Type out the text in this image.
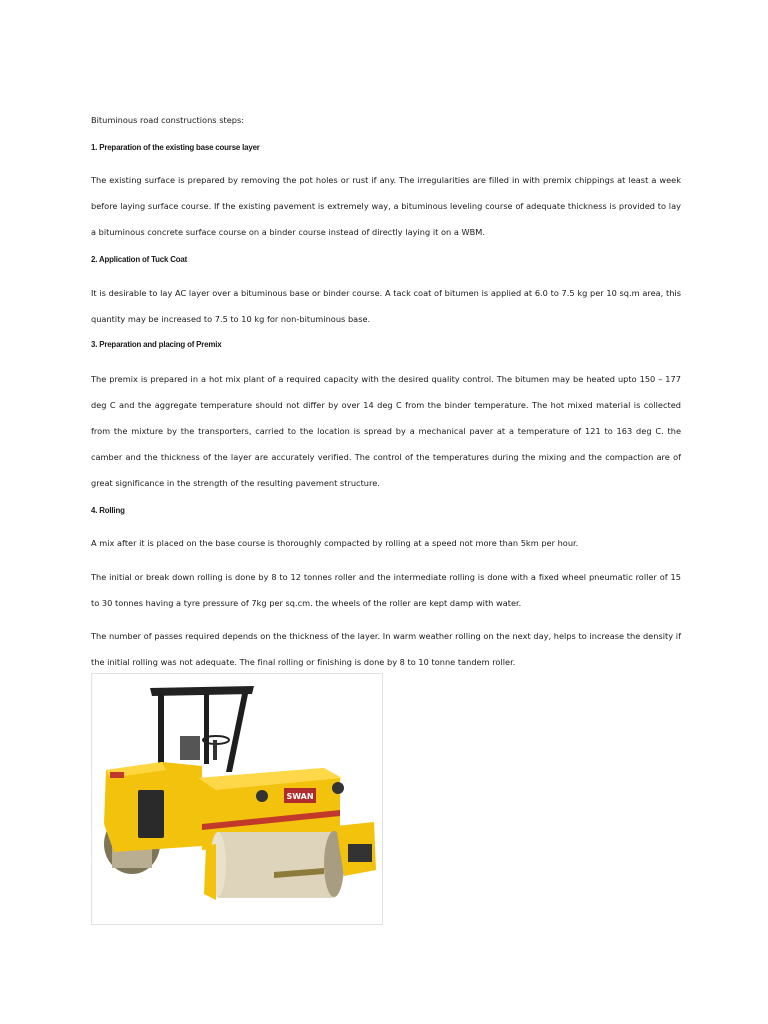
Bituminous road constructions steps:

1. Preparation of the existing base course layer

The existing surface is prepared by removing the pot holes or rust if any. The irregularities are filled in with premix chippings at least a week before laying surface course. If the existing pavement is extremely way, a bituminous leveling course of adequate thickness is provided to lay a bituminous concrete surface course on a binder course instead of directly laying it on a WBM.

2. Application of Tuck Coat

It is desirable to lay AC layer over a bituminous base or binder course. A tack coat of bitumen is applied at 6.0 to 7.5 kg per 10 sq.m area, this quantity may be increased to 7.5 to 10 kg for non-bituminous base.

3. Preparation and placing of Premix

The premix is prepared in a hot mix plant of a required capacity with the desired quality control. The bitumen may be heated upto 150 – 177 deg C and the aggregate temperature should not differ by over 14 deg C from the binder temperature. The hot mixed material is collected from the mixture by the transporters, carried to the location is spread by a mechanical paver at a temperature of 121 to 163 deg C. the camber and the thickness of the layer are accurately verified. The control of the temperatures during the mixing and the compaction are of great significance in the strength of the resulting pavement structure.

4. Rolling

A mix after it is placed on the base course is thoroughly compacted by rolling at a speed not more than 5km per hour.

The initial or break down rolling is done by 8 to 12 tonnes roller and the intermediate rolling is done with a fixed wheel pneumatic roller of 15 to 30 tonnes having a tyre pressure of 7kg per sq.cm. the wheels of the roller are kept damp with water.

The number of passes required depends on the thickness of the layer. In warm weather rolling on the next day, helps to increase the density if the initial rolling was not adequate. The final rolling or finishing is done by 8 to 10 tonne tandem roller.

SWAN
